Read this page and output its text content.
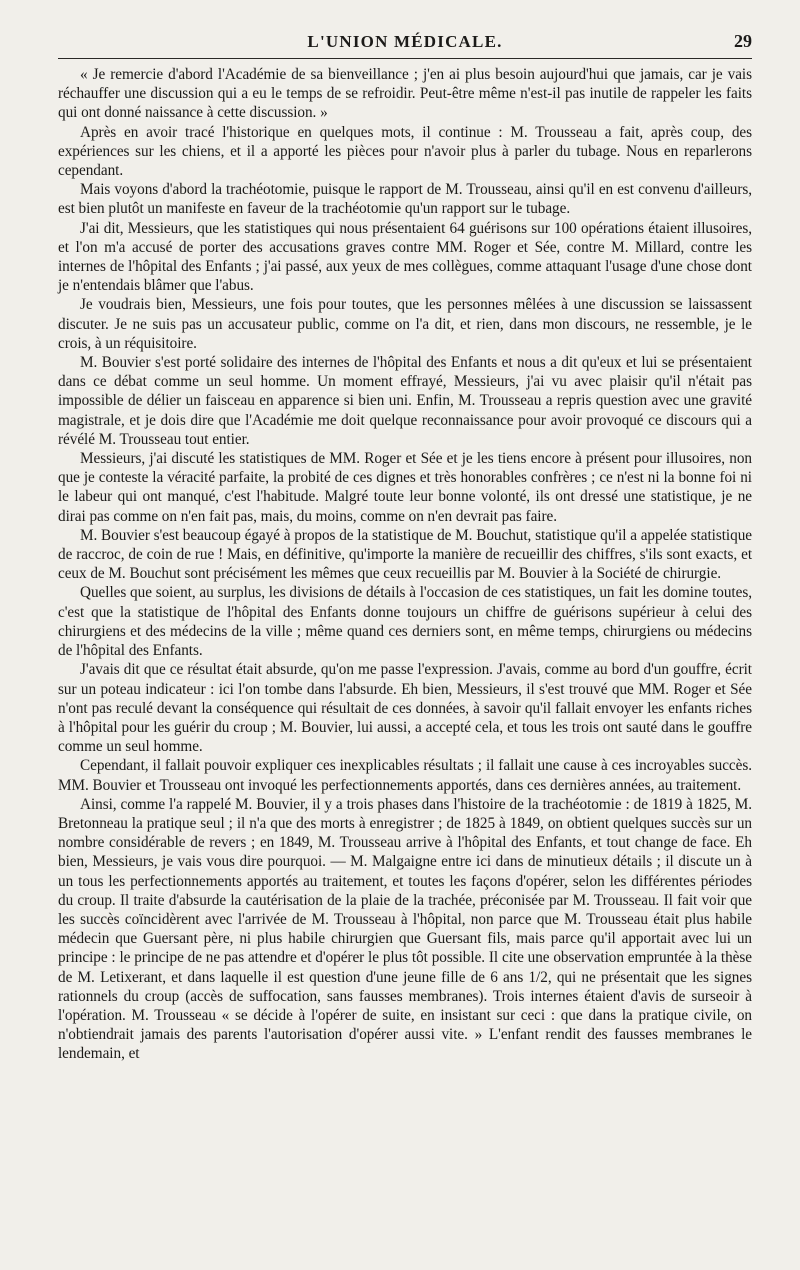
L'UNION MÉDICALE.	29

« Je remercie d'abord l'Académie de sa bienveillance ; j'en ai plus besoin aujourd'hui que jamais, car je vais réchauffer une discussion qui a eu le temps de se refroidir. Peut-être même n'est-il pas inutile de rappeler les faits qui ont donné naissance à cette discussion. »

Après en avoir tracé l'historique en quelques mots, il continue : M. Trousseau a fait, après coup, des expériences sur les chiens, et il a apporté les pièces pour n'avoir plus à parler du tubage. Nous en reparlerons cependant.

Mais voyons d'abord la trachéotomie, puisque le rapport de M. Trousseau, ainsi qu'il en est convenu d'ailleurs, est bien plutôt un manifeste en faveur de la trachéotomie qu'un rapport sur le tubage.

J'ai dit, Messieurs, que les statistiques qui nous présentaient 64 guérisons sur 100 opérations étaient illusoires, et l'on m'a accusé de porter des accusations graves contre MM. Roger et Sée, contre M. Millard, contre les internes de l'hôpital des Enfants ; j'ai passé, aux yeux de mes collègues, comme attaquant l'usage d'une chose dont je n'entendais blâmer que l'abus.

Je voudrais bien, Messieurs, une fois pour toutes, que les personnes mêlées à une discussion se laissassent discuter. Je ne suis pas un accusateur public, comme on l'a dit, et rien, dans mon discours, ne ressemble, je le crois, à un réquisitoire.

M. Bouvier s'est porté solidaire des internes de l'hôpital des Enfants et nous a dit qu'eux et lui se présentaient dans ce débat comme un seul homme. Un moment effrayé, Messieurs, j'ai vu avec plaisir qu'il n'était pas impossible de délier un faisceau en apparence si bien uni. Enfin, M. Trousseau a repris question avec une gravité magistrale, et je dois dire que l'Académie me doit quelque reconnaissance pour avoir provoqué ce discours qui a révélé M. Trousseau tout entier.

Messieurs, j'ai discuté les statistiques de MM. Roger et Sée et je les tiens encore à présent pour illusoires, non que je conteste la véracité parfaite, la probité de ces dignes et très honorables confrères ; ce n'est ni la bonne foi ni le labeur qui ont manqué, c'est l'habitude. Malgré toute leur bonne volonté, ils ont dressé une statistique, je ne dirai pas comme on n'en fait pas, mais, du moins, comme on n'en devrait pas faire.

M. Bouvier s'est beaucoup égayé à propos de la statistique de M. Bouchut, statistique qu'il a appelée statistique de raccroc, de coin de rue ! Mais, en définitive, qu'importe la manière de recueillir des chiffres, s'ils sont exacts, et ceux de M. Bouchut sont précisément les mêmes que ceux recueillis par M. Bouvier à la Société de chirurgie.

Quelles que soient, au surplus, les divisions de détails à l'occasion de ces statistiques, un fait les domine toutes, c'est que la statistique de l'hôpital des Enfants donne toujours un chiffre de guérisons supérieur à celui des chirurgiens et des médecins de la ville ; même quand ces derniers sont, en même temps, chirurgiens ou médecins de l'hôpital des Enfants.

J'avais dit que ce résultat était absurde, qu'on me passe l'expression. J'avais, comme au bord d'un gouffre, écrit sur un poteau indicateur : ici l'on tombe dans l'absurde. Eh bien, Messieurs, il s'est trouvé que MM. Roger et Sée n'ont pas reculé devant la conséquence qui résultait de ces données, à savoir qu'il fallait envoyer les enfants riches à l'hôpital pour les guérir du croup ; M. Bouvier, lui aussi, a accepté cela, et tous les trois ont sauté dans le gouffre comme un seul homme.

Cependant, il fallait pouvoir expliquer ces inexplicables résultats ; il fallait une cause à ces incroyables succès. MM. Bouvier et Trousseau ont invoqué les perfectionnements apportés, dans ces dernières années, au traitement.

Ainsi, comme l'a rappelé M. Bouvier, il y a trois phases dans l'histoire de la trachéotomie : de 1819 à 1825, M. Bretonneau la pratique seul ; il n'a que des morts à enregistrer ; de 1825 à 1849, on obtient quelques succès sur un nombre considérable de revers ; en 1849, M. Trousseau arrive à l'hôpital des Enfants, et tout change de face. Eh bien, Messieurs, je vais vous dire pourquoi. — M. Malgaigne entre ici dans de minutieux détails ; il discute un à un tous les perfectionnements apportés au traitement, et toutes les façons d'opérer, selon les différentes périodes du croup. Il traite d'absurde la cautérisation de la plaie de la trachée, préconisée par M. Trousseau. Il fait voir que les succès coïncidèrent avec l'arrivée de M. Trousseau à l'hôpital, non parce que M. Trousseau était plus habile médecin que Guersant père, ni plus habile chirurgien que Guersant fils, mais parce qu'il apportait avec lui un principe : le principe de ne pas attendre et d'opérer le plus tôt possible. Il cite une observation empruntée à la thèse de M. Letixerant, et dans laquelle il est question d'une jeune fille de 6 ans 1/2, qui ne présentait que les signes rationnels du croup (accès de suffocation, sans fausses membranes). Trois internes étaient d'avis de surseoir à l'opération. M. Trousseau « se décide à l'opérer de suite, en insistant sur ceci : que dans la pratique civile, on n'obtiendrait jamais des parents l'autorisation d'opérer aussi vite. » L'enfant rendit des fausses membranes le lendemain, et
